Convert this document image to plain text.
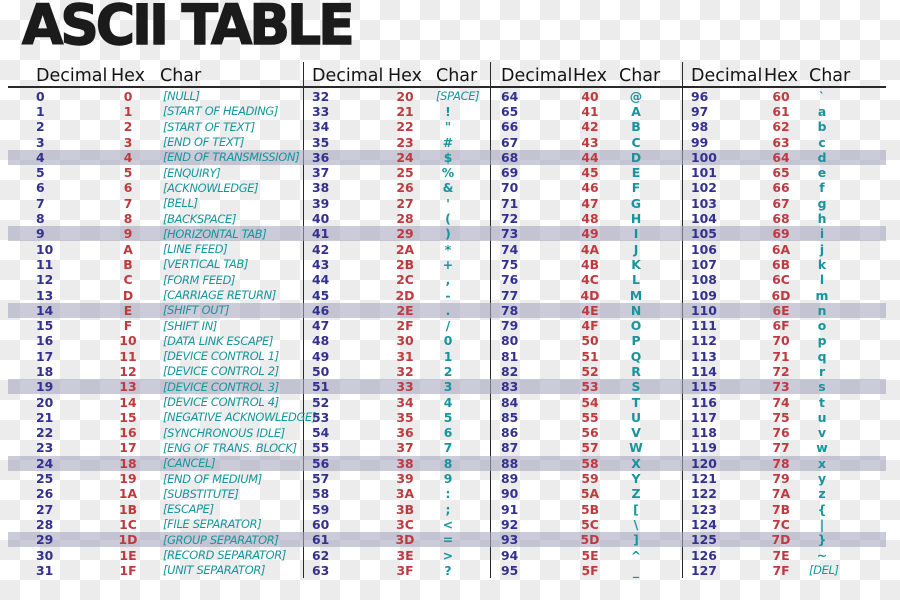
ASCII TABLE
Decimal Hex Char
0	0	[NULL]
1	1	[START OF HEADING]
2	2	[START OF TEXT]
3	3	[END OF TEXT]
4	4	[END OF TRANSMISSION]
5	5	[ENQUIRY]
6	6	[ACKNOWLEDGE]
7	7	[BELL]
8	8	[BACKSPACE]
9	9	[HORIZONTAL TAB]
10	A	[LINE FEED]
11	B	[VERTICAL TAB]
12	C	[FORM FEED]
13	D	[CARRIAGE RETURN]
14	E	[SHIFT OUT]
15	F	[SHIFT IN]
16	10	[DATA LINK ESCAPE]
17	11	[DEVICE CONTROL 1]
18	12	[DEVICE CONTROL 2]
19	13	[DEVICE CONTROL 3]
20	14	[DEVICE CONTROL 4]
21	15	[NEGATIVE ACKNOWLEDGE]
22	16	[SYNCHRONOUS IDLE]
23	17	[ENG OF TRANS. BLOCK]
24	18	[CANCEL]
25	19	[END OF MEDIUM]
26	1A	[SUBSTITUTE]
27	1B	[ESCAPE]
28	1C	[FILE SEPARATOR]
29	1D	[GROUP SEPARATOR]
30	1E	[RECORD SEPARATOR]
31	1F	[UNIT SEPARATOR]
Decimal Hex Char
32	20	[SPACE]
33	21	!
34	22	"
35	23	#
36	24	$
37	25	%
38	26	&
39	27	'
40	28	(
41	29	)
42	2A	*
43	2B	+
44	2C	,
45	2D	-
46	2E	.
47	2F	/
48	30	0
49	31	1
50	32	2
51	33	3
52	34	4
53	35	5
54	36	6
55	37	7
56	38	8
57	39	9
58	3A	:
59	3B	;
60	3C	<
61	3D	=
62	3E	>
63	3F	?
Decimal Hex Char
64	40	@
65	41	A
66	42	B
67	43	C
68	44	D
69	45	E
70	46	F
71	47	G
72	48	H
73	49	I
74	4A	J
75	4B	K
76	4C	L
77	4D	M
78	4E	N
79	4F	O
80	50	P
81	51	Q
82	52	R
83	53	S
84	54	T
85	55	U
86	56	V
87	57	W
88	58	X
89	59	Y
90	5A	Z
91	5B	[
92	5C	\
93	5D	]
94	5E	^
95	5F	_
Decimal Hex Char
96	60	`
97	61	a
98	62	b
99	63	c
100	64	d
101	65	e
102	66	f
103	67	g
104	68	h
105	69	i
106	6A	j
107	6B	k
108	6C	l
109	6D	m
110	6E	n
111	6F	o
112	70	p
113	71	q
114	72	r
115	73	s
116	74	t
117	75	u
118	76	v
119	77	w
120	78	x
121	79	y
122	7A	z
123	7B	{
124	7C	|
125	7D	}
126	7E	~
127	7F	[DEL]
